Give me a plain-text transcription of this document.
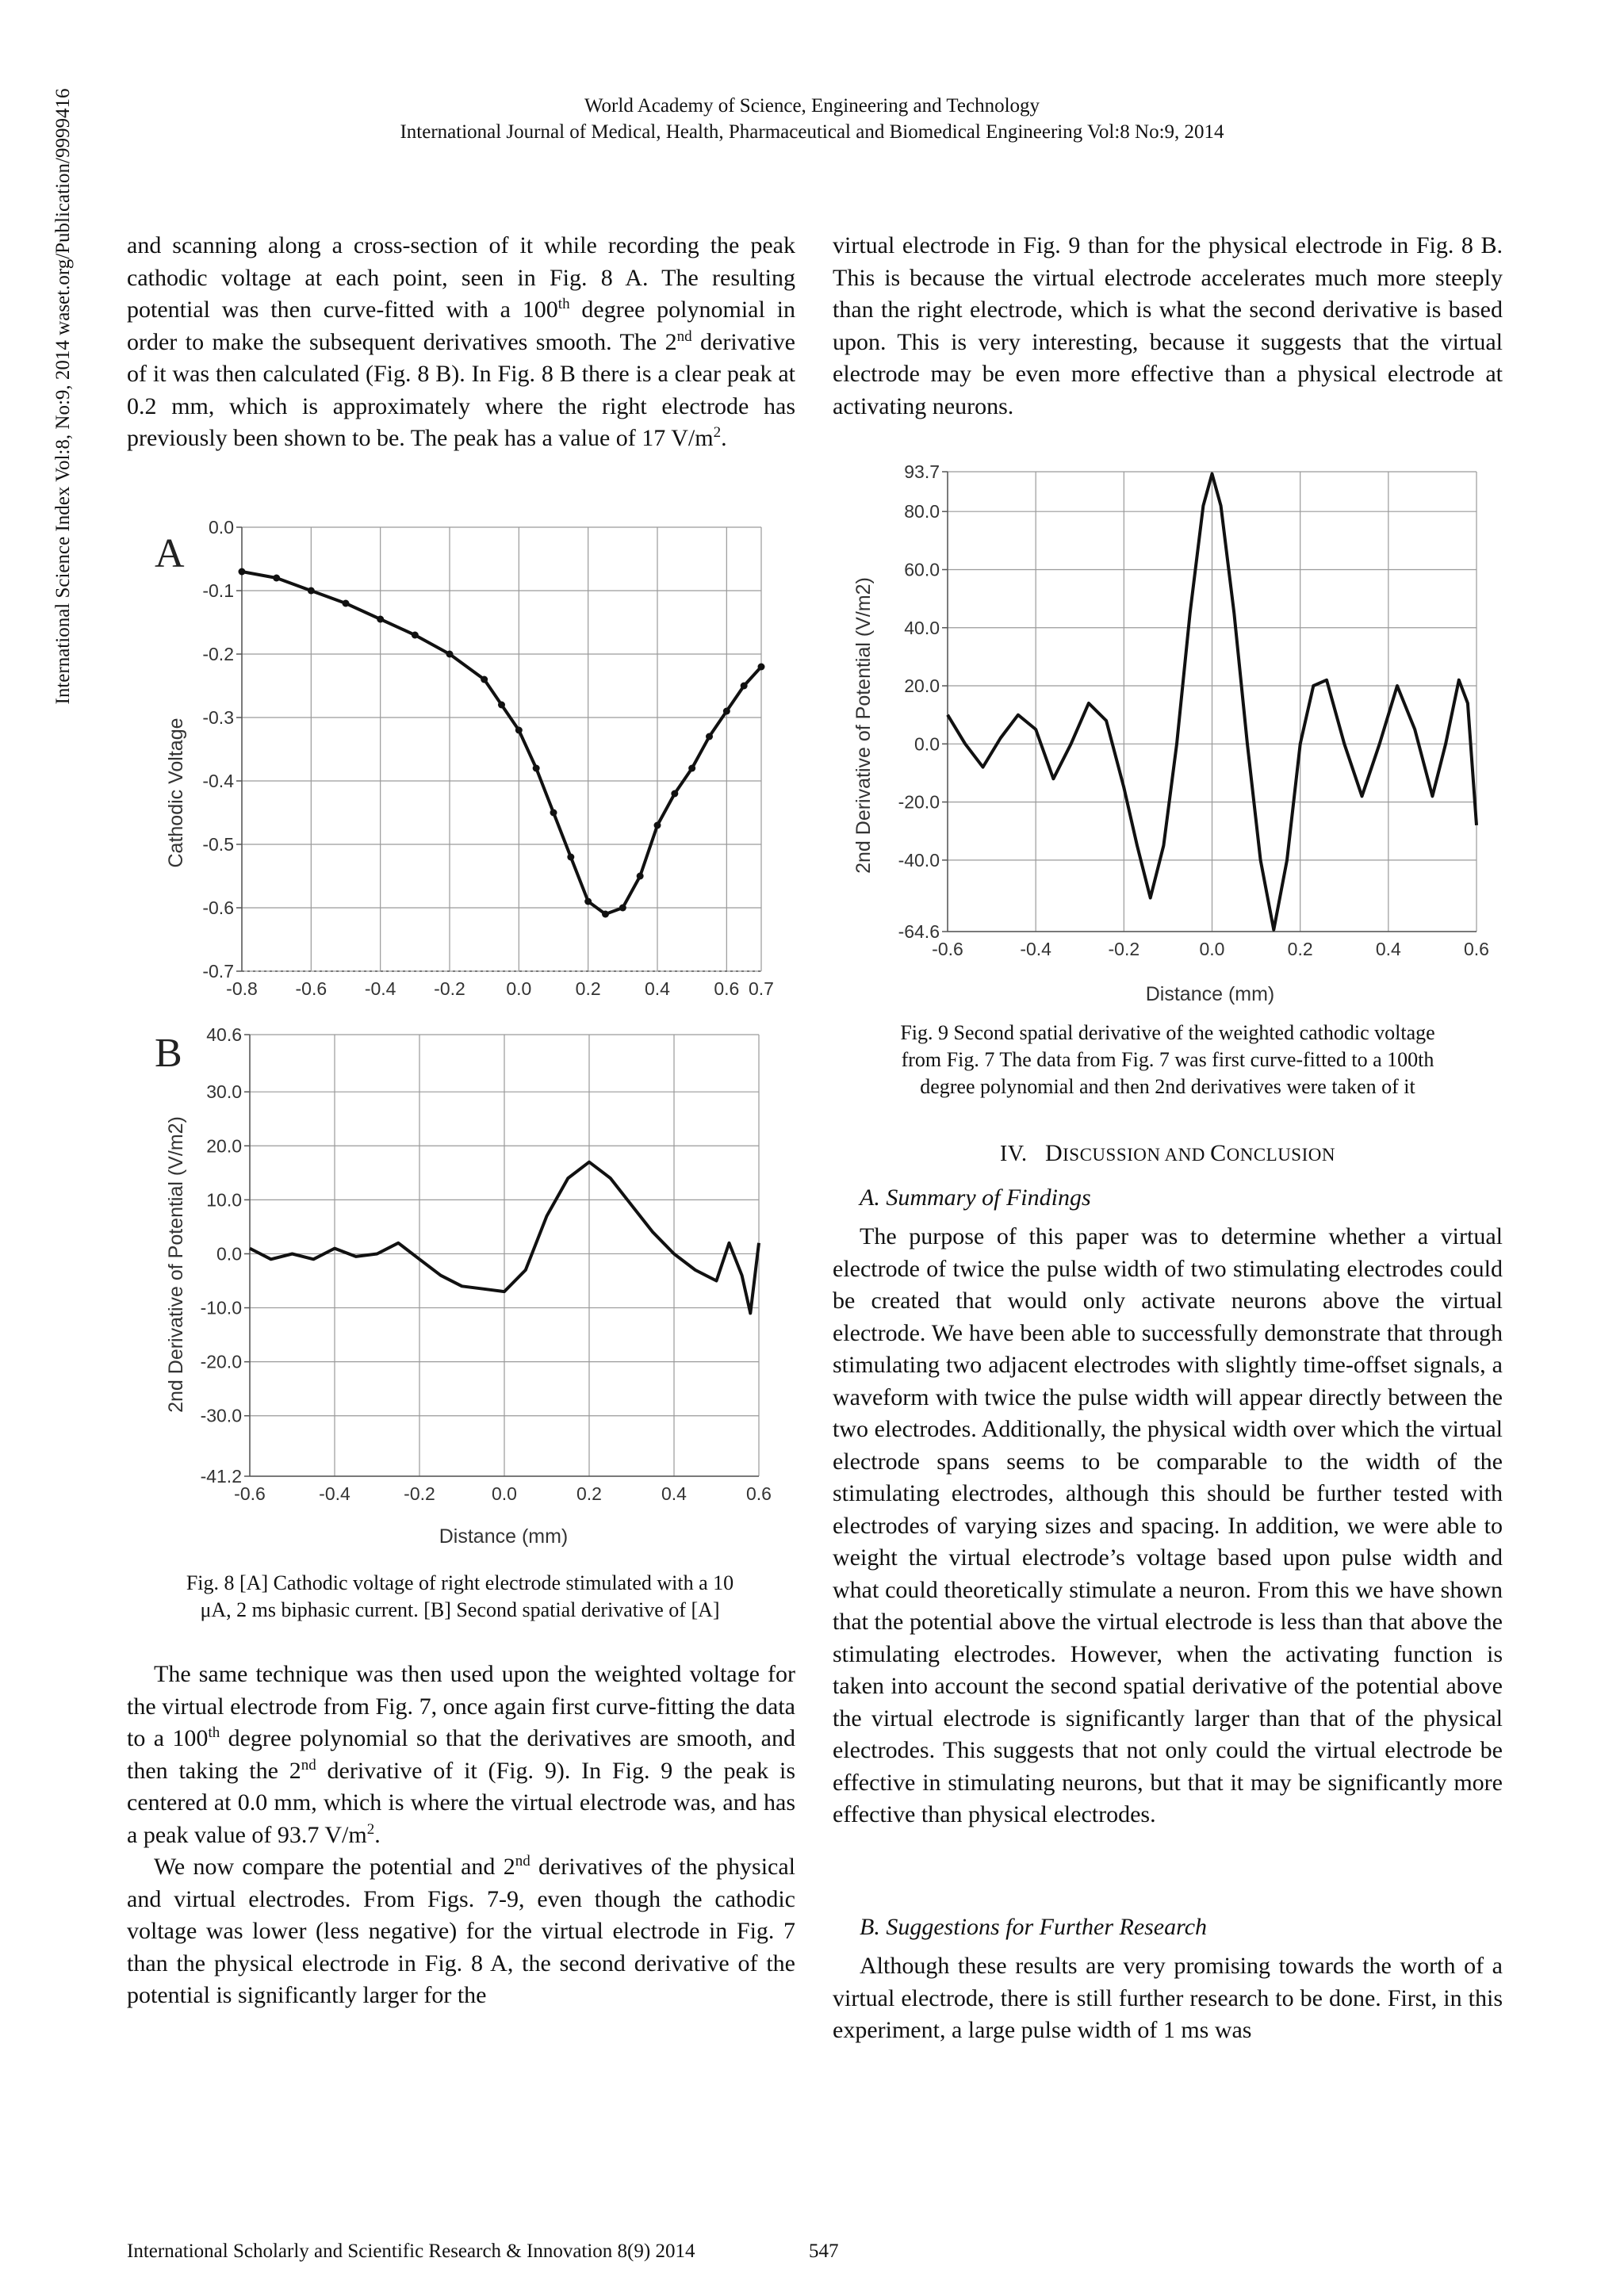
World Academy of Science, Engineering and Technology
International Journal of Medical, Health, Pharmaceutical and Biomedical Engineering Vol:8 No:9, 2014
International Science Index Vol:8, No:9, 2014 waset.org/Publication/9999416 and scanning along a cross-section of it while recording the peak cathodic voltage at each point, seen in Fig. 8 A. The resulting potential was then curve-fitted with a 100th degree polynomial in order to make the subsequent derivatives smooth. The 2nd derivative of it was then calculated (Fig. 8 B). In Fig. 8 B there is a clear peak at 0.2 mm, which is approximately where the right electrode has previously been shown to be. The peak has a value of 17 $V/m^2$.

A
Cathodic Voltage
-0.8 -0.6 -0.4 -0.2 0.0 0.2 0.4 0.6 0.7
0.0
-0.1
-0.2
-0.3
-0.4
-0.5
-0.6
-0.7
B
2nd Derivative of Potential (V/m2)
Distance (mm)
-0.6	-0.4	-0.2	0.0	0.2	0.4	0.6
40.6
30.0
20.0
10.0
0.0
-10.0
-20.0
-30.0
-41.2
Fig. 8 [A] Cathodic voltage of right electrode stimulated with a 10
μA, 2 ms biphasic current. [B] Second spatial derivative of [A]

The same technique was then used upon the weighted voltage for the virtual electrode from Fig. 7, once again first curve-fitting the data to a 100th degree polynomial so that the derivatives are smooth, and then taking the 2nd derivative of it (Fig. 9). In Fig. 9 the peak is centered at 0.0 mm, which is where the virtual electrode was, and has a peak value of 93.7 $V/m^2$.

We now compare the potential and 2nd derivatives of the physical and virtual electrodes. From Figs. 7-9, even though the cathodic voltage was lower (less negative) for the virtual electrode in Fig. 7 than the physical electrode in Fig. 8 A, the second derivative of the potential is significantly larger for the

virtual electrode in Fig. 9 than for the physical electrode in Fig. 8 B. This is because the virtual electrode accelerates much more steeply than the right electrode, which is what the second derivative is based upon. This is very interesting, because it suggests that the virtual electrode may be even more effective than a physical electrode at activating neurons.

2nd Derivative of Potential (V/m2)
Distance (mm)
-0.6	-0.4	-0.2	0.0	0.2	0.4	0.6
93.7
80.0
60.0
40.0
20.0
0.0
-20.0
-40.0
-64.6
Fig. 9 Second spatial derivative of the weighted cathodic voltage
from Fig. 7 The data from Fig. 7 was first curve-fitted to a 100th
degree polynomial and then 2nd derivatives were taken of it
IV. DISCUSSION AND CONCLUSION
A. Summary of Findings

The purpose of this paper was to determine whether a virtual electrode of twice the pulse width of two stimulating electrodes could be created that would only activate neurons above the virtual electrode. We have been able to successfully demonstrate that through stimulating two adjacent electrodes with slightly time-offset signals, a waveform with twice the pulse width will appear directly between the two electrodes. Additionally, the physical width over which the virtual electrode spans seems to be comparable to the width of the stimulating electrodes, although this should be further tested with electrodes of varying sizes and spacing. In addition, we were able to weight the virtual electrode’s voltage based upon pulse width and what could theoretically stimulate a neuron. From this we have shown that the potential above the virtual electrode is less than that above the stimulating electrodes. However, when the activating function is taken into account the second spatial derivative of the potential above the virtual electrode is significantly larger than that of the physical electrodes. This suggests that not only could the virtual electrode be effective in stimulating neurons, but that it may be significantly more effective than physical electrodes.

B. Suggestions for Further Research

Although these results are very promising towards the worth of a virtual electrode, there is still further research to be done. First, in this experiment, a large pulse width of 1 ms was

International Scholarly and Scientific Research & Innovation 8(9) 2014	547
